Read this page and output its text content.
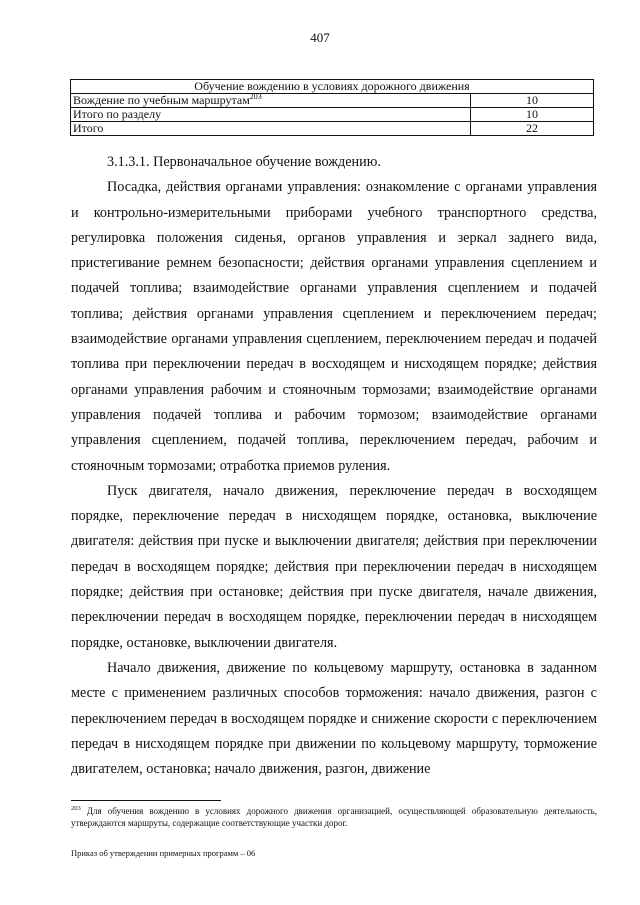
407
Обучение вождению в условиях дорожного движения	
Вождение по учебным маршрутам$^{203}$	10
Итого по разделу	10
Итого	22

3.1.3.1. Первоначальное обучение вождению.

Посадка, действия органами управления: ознакомление с органами управления и контрольно-измерительными приборами учебного транспортного средства, регулировка положения сиденья, органов управления и зеркал заднего вида, пристегивание ремнем безопасности; действия органами управления сцеплением и подачей топлива; взаимодействие органами управления сцеплением и подачей топлива; действия органами управления сцеплением и переключением передач; взаимодействие органами управления сцеплением, переключением передач и подачей топлива при переключении передач в восходящем и нисходящем порядке; действия органами управления рабочим и стояночным тормозами; взаимодействие органами управления подачей топлива и рабочим тормозом; взаимодействие органами управления сцеплением, подачей топлива, переключением передач, рабочим и стояночным тормозами; отработка приемов руления.

Пуск двигателя, начало движения, переключение передач в восходящем порядке, переключение передач в нисходящем порядке, остановка, выключение двигателя: действия при пуске и выключении двигателя; действия при переключении передач в восходящем порядке; действия при переключении передач в нисходящем порядке; действия при остановке; действия при пуске двигателя, начале движения, переключении передач в восходящем порядке, переключении передач в нисходящем порядке, остановке, выключении двигателя.

Начало движения, движение по кольцевому маршруту, остановка в заданном месте с применением различных способов торможения: начало движения, разгон с переключением передач в восходящем порядке и снижение скорости с переключением передач в нисходящем порядке при движении по кольцевому маршруту, торможение двигателем, остановка; начало движения, разгон, движение

$^{203}$ Для обучения вождению в условиях дорожного движения организацией, осуществляющей образовательную деятельность, утверждаются маршруты, содержащие соответствующие участки дорог.
Приказ об утверждении примерных программ – 06
